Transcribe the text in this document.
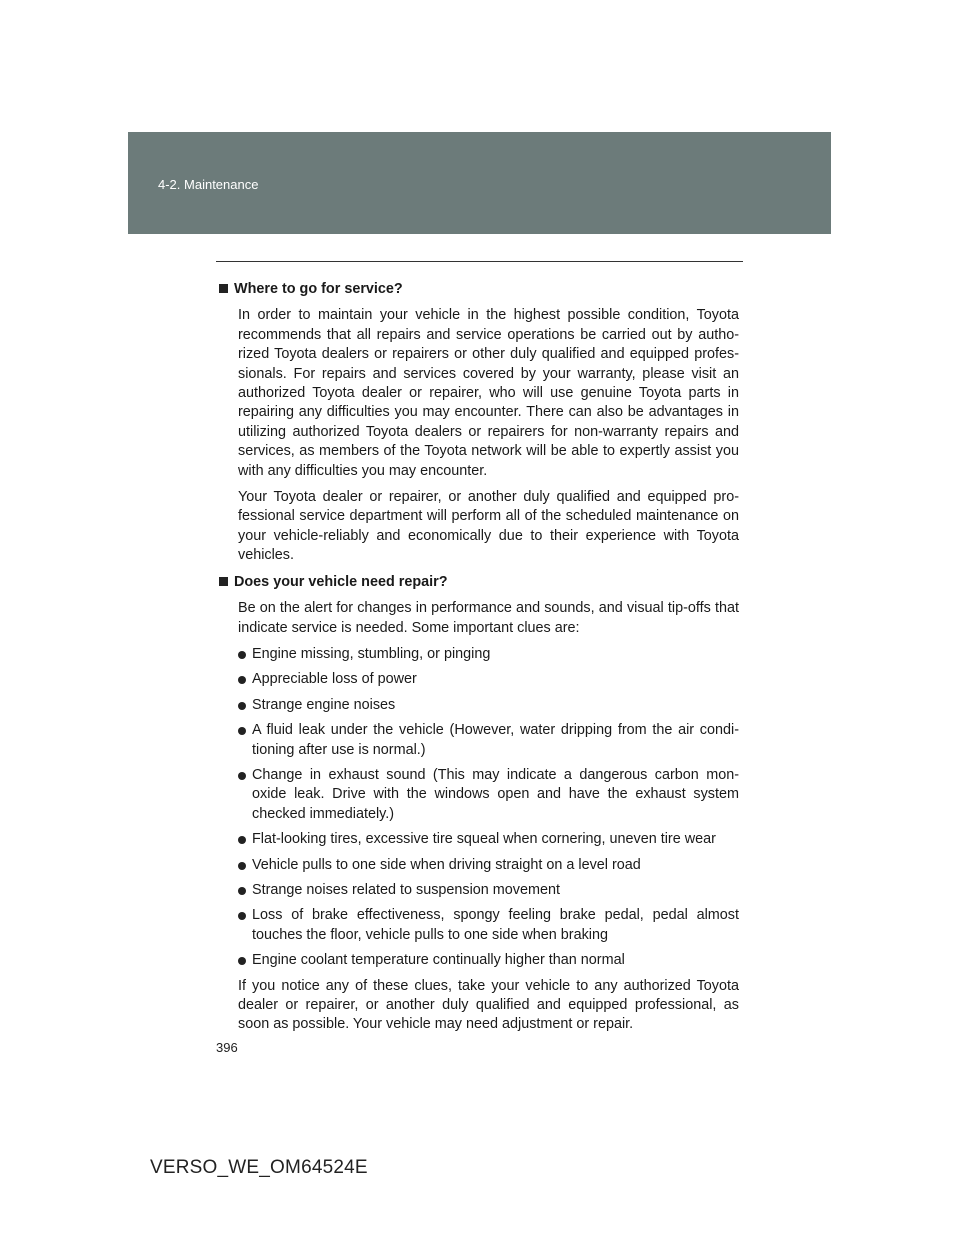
4-2. Maintenance
Where to go for service?

In order to maintain your vehicle in the highest possible condition, Toyota recommends that all repairs and service operations be carried out by autho-rized Toyota dealers or repairers or other duly qualified and equipped profes-sionals. For repairs and services covered by your warranty, please visit an authorized Toyota dealer or repairer, who will use genuine Toyota parts in repairing any difficulties you may encounter. There can also be advantages in utilizing authorized Toyota dealers or repairers for non-warranty repairs and services, as members of the Toyota network will be able to expertly assist you with any difficulties you may encounter.

Your Toyota dealer or repairer, or another duly qualified and equipped pro-fessional service department will perform all of the scheduled maintenance on your vehicle-reliably and economically due to their experience with Toyota vehicles.

Does your vehicle need repair?

Be on the alert for changes in performance and sounds, and visual tip-offs that indicate service is needed. Some important clues are:

Engine missing, stumbling, or pinging
Appreciable loss of power
Strange engine noises
A fluid leak under the vehicle (However, water dripping from the air condi-tioning after use is normal.)
Change in exhaust sound (This may indicate a dangerous carbon mon-oxide leak. Drive with the windows open and have the exhaust system checked immediately.)
Flat-looking tires, excessive tire squeal when cornering, uneven tire wear
Vehicle pulls to one side when driving straight on a level road
Strange noises related to suspension movement
Loss of brake effectiveness, spongy feeling brake pedal, pedal almost touches the floor, vehicle pulls to one side when braking
Engine coolant temperature continually higher than normal

If you notice any of these clues, take your vehicle to any authorized Toyota dealer or repairer, or another duly qualified and equipped professional, as soon as possible. Your vehicle may need adjustment or repair.

396
VERSO_WE_OM64524E
